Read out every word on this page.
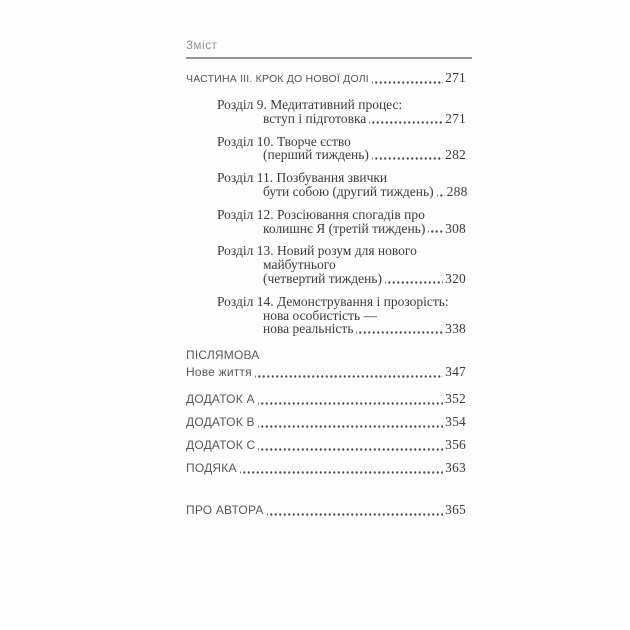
Зміст
ЧАСТИНА III. КРОК ДО НОВОЇ ДОЛІ	271
Розділ 9. Медитативний процес:
вступ і підготовка	271
Розділ 10. Творче єство
(перший тиждень)	282
Розділ 11. Позбування звички
бути собою (другий тиждень) 288
Розділ 12. Розсіювання спогадів про
колишнє Я (третій тиждень) 308
Розділ 13. Новий розум для нового
майбутнього
(четвертий тиждень)	320
Розділ 14. Демонстрування і прозорість:
нова особистість —
нова реальність	338
ПІСЛЯМОВА
Нове життя	347
ДОДАТОК A	352
ДОДАТОК B	354
ДОДАТОК C	356
ПОДЯКА	363
ПРО АВТОРА	365
